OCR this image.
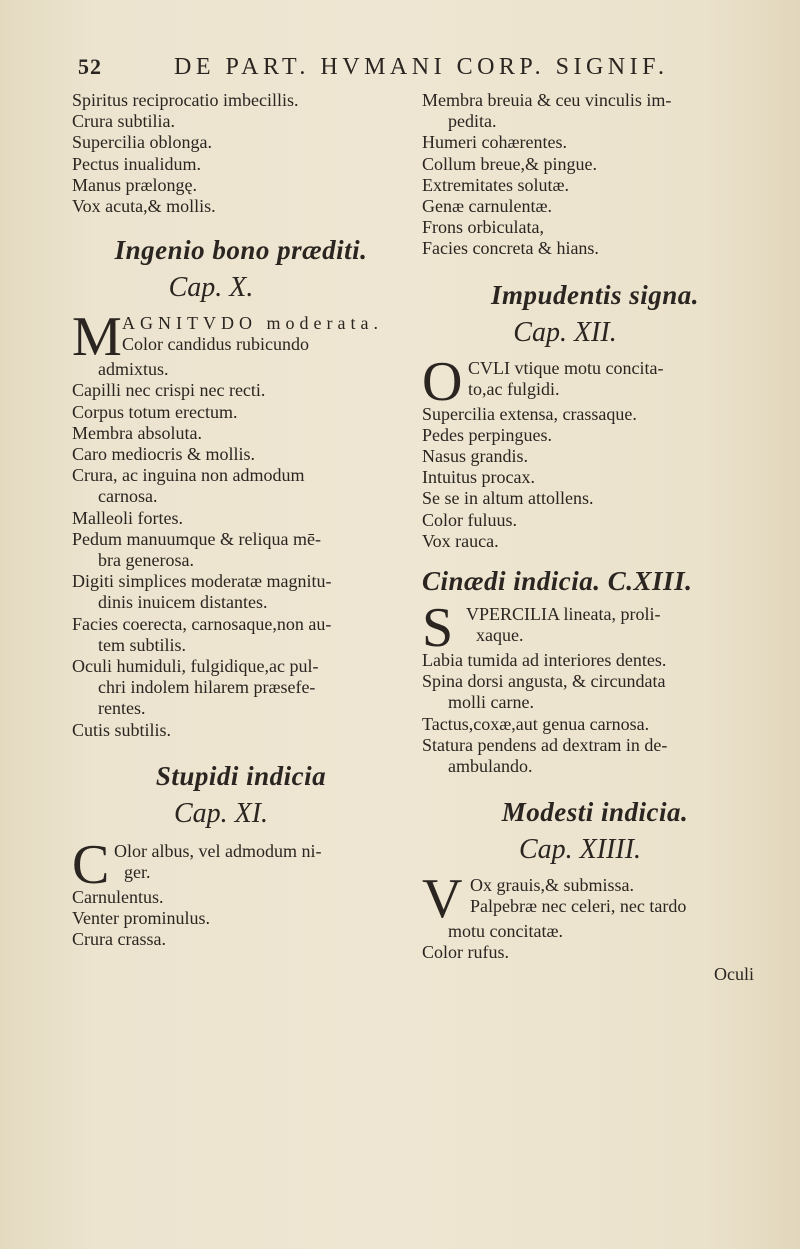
52	DE PART. HVMANI CORP. SIGNIF.
Spiritus reciprocatio imbecillis.
Crura subtilia.
Supercilia oblonga.
Pectus inualidum.
Manus prælongę.
Vox acuta,& mollis.
Ingenio bono præditi.
Cap. X.
M AGNITVDO moderata.
Color candidus rubicundo
admixtus.
Capilli nec crispi nec recti.
Corpus totum erectum.
Membra absoluta.
Caro mediocris & mollis.
Crura, ac inguina non admodum
carnosa.
Malleoli fortes.
Pedum manuumque & reliqua mē-
bra generosa.
Digiti simplices moderatæ magnitu-
dinis inuicem distantes.
Facies coerecta, carnosaque,non au-
tem subtilis.
Oculi humiduli, fulgidique,ac pul-
chri indolem hilarem præsefe-
rentes.
Cutis subtilis.
Stupidi indicia
Cap. XI.
C Olor albus, vel admodum ni-
ger.
Carnulentus.
Venter prominulus.
Crura crassa.
Membra breuia & ceu vinculis im-
pedita.
Humeri cohærentes.
Collum breue,& pingue.
Extremitates solutæ.
Genæ carnulentæ.
Frons orbiculata,
Facies concreta & hians.
Impudentis signa.
Cap. XII.
O CVLI vtique motu concita-
to,ac fulgidi.
Supercilia extensa, crassaque.
Pedes perpingues.
Nasus grandis.
Intuitus procax.
Se se in altum attollens.
Color fuluus.
Vox rauca.
Cinædi indicia. C.XIII.
S VPERCILIA lineata, proli-
xaque.
Labia tumida ad interiores dentes.
Spina dorsi angusta, & circundata
molli carne.
Tactus,coxæ,aut genua carnosa.
Statura pendens ad dextram in de-
ambulando.
Modesti indicia.
Cap. XIIII.
V Ox grauis,& submissa.
Palpebræ nec celeri, nec tardo
motu concitatæ.
Color rufus.
Oculi
